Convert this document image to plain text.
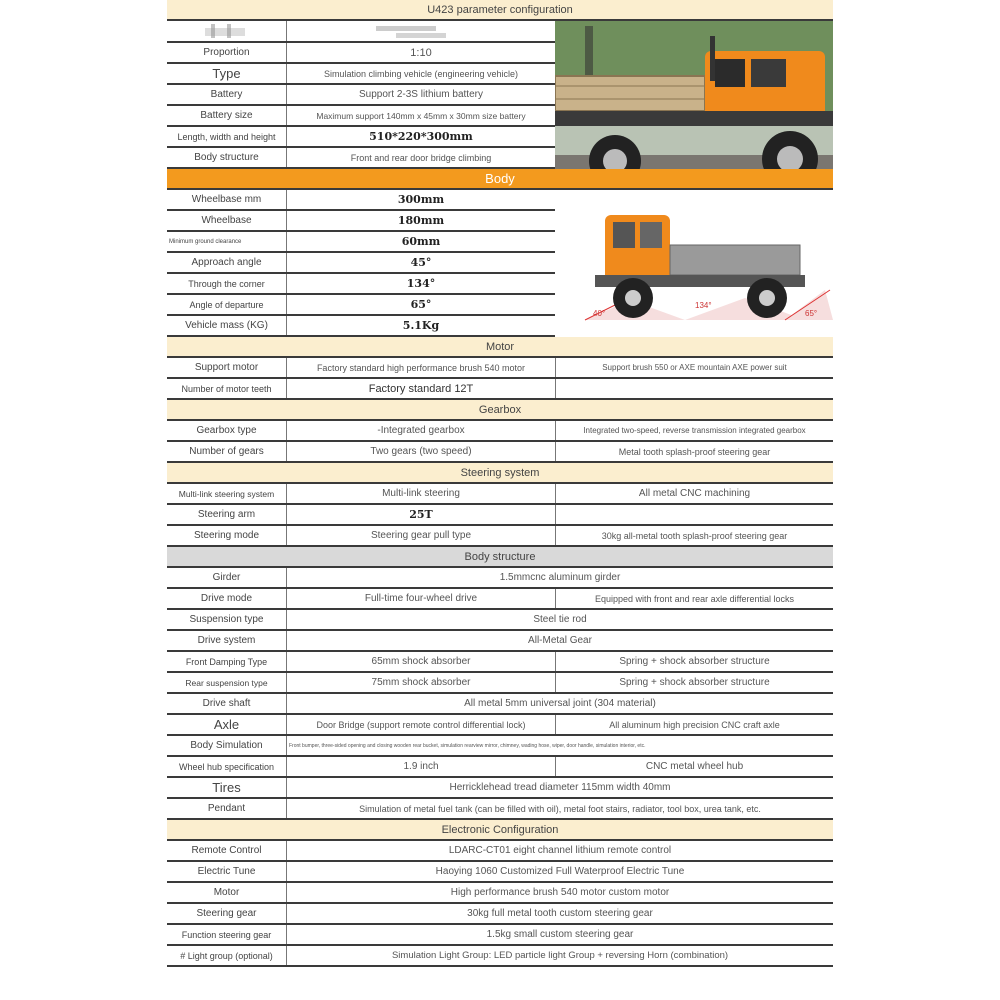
U423 parameter configuration
Proportion	1:10
Type	Simulation climbing vehicle (engineering vehicle)
Battery	Support 2-3S lithium battery
Battery size	Maximum support 140mm x 45mm x 30mm size battery
Length, width and height	510*220*300mm
Body structure	Front and rear door bridge climbing
Body
Wheelbase mm	300mm
Wheelbase	180mm
Minimum ground clearance	60mm
Approach angle	45°
Through the corner	134°
Angle of departure	65°
Vehicle mass (KG)	5.1Kg
40°
134°
65°
Motor
Support motor	Factory standard high performance brush 540 motor	Support brush 550 or AXE mountain AXE power suit
Number of motor teeth	Factory standard 12T
Gearbox
Gearbox type	-Integrated gearbox	Integrated two-speed, reverse transmission integrated gearbox
Number of gears	Two gears (two speed)	Metal tooth splash-proof steering gear
Steering system
Multi-link steering system	Multi-link steering	All metal CNC machining
Steering arm	25T
Steering mode	Steering gear pull type	30kg all-metal tooth splash-proof steering gear
Body structure
Girder	1.5mmcnc aluminum girder
Drive mode	Full-time four-wheel drive	Equipped with front and rear axle differential locks
Suspension type	Steel tie rod
Drive system	All-Metal Gear
Front Damping Type	65mm shock absorber	Spring + shock absorber structure
Rear suspension type	75mm shock absorber	Spring + shock absorber structure
Drive shaft	All metal 5mm universal joint (304 material)
Axle	Door Bridge (support remote control differential lock)	All aluminum high precision CNC craft axle
Body Simulation	Front bumper, three-sided opening and closing wooden rear bucket, simulation rearview mirror, chimney, wading hose, wiper, door handle, simulation interior, etc.
Wheel hub specification	1.9 inch	CNC metal wheel hub
Tires	Herricklehead tread diameter 115mm width 40mm
Pendant	Simulation of metal fuel tank (can be filled with oil), metal foot stairs, radiator, tool box, urea tank, etc.
Electronic Configuration
Remote Control	LDARC-CT01 eight channel lithium remote control
Electric Tune	Haoying 1060 Customized Full Waterproof Electric Tune
Motor	High performance brush 540 motor custom motor
Steering gear	30kg full metal tooth custom steering gear
Function steering gear	1.5kg small custom steering gear
# Light group (optional)	Simulation Light Group: LED particle light Group + reversing Horn (combination)
